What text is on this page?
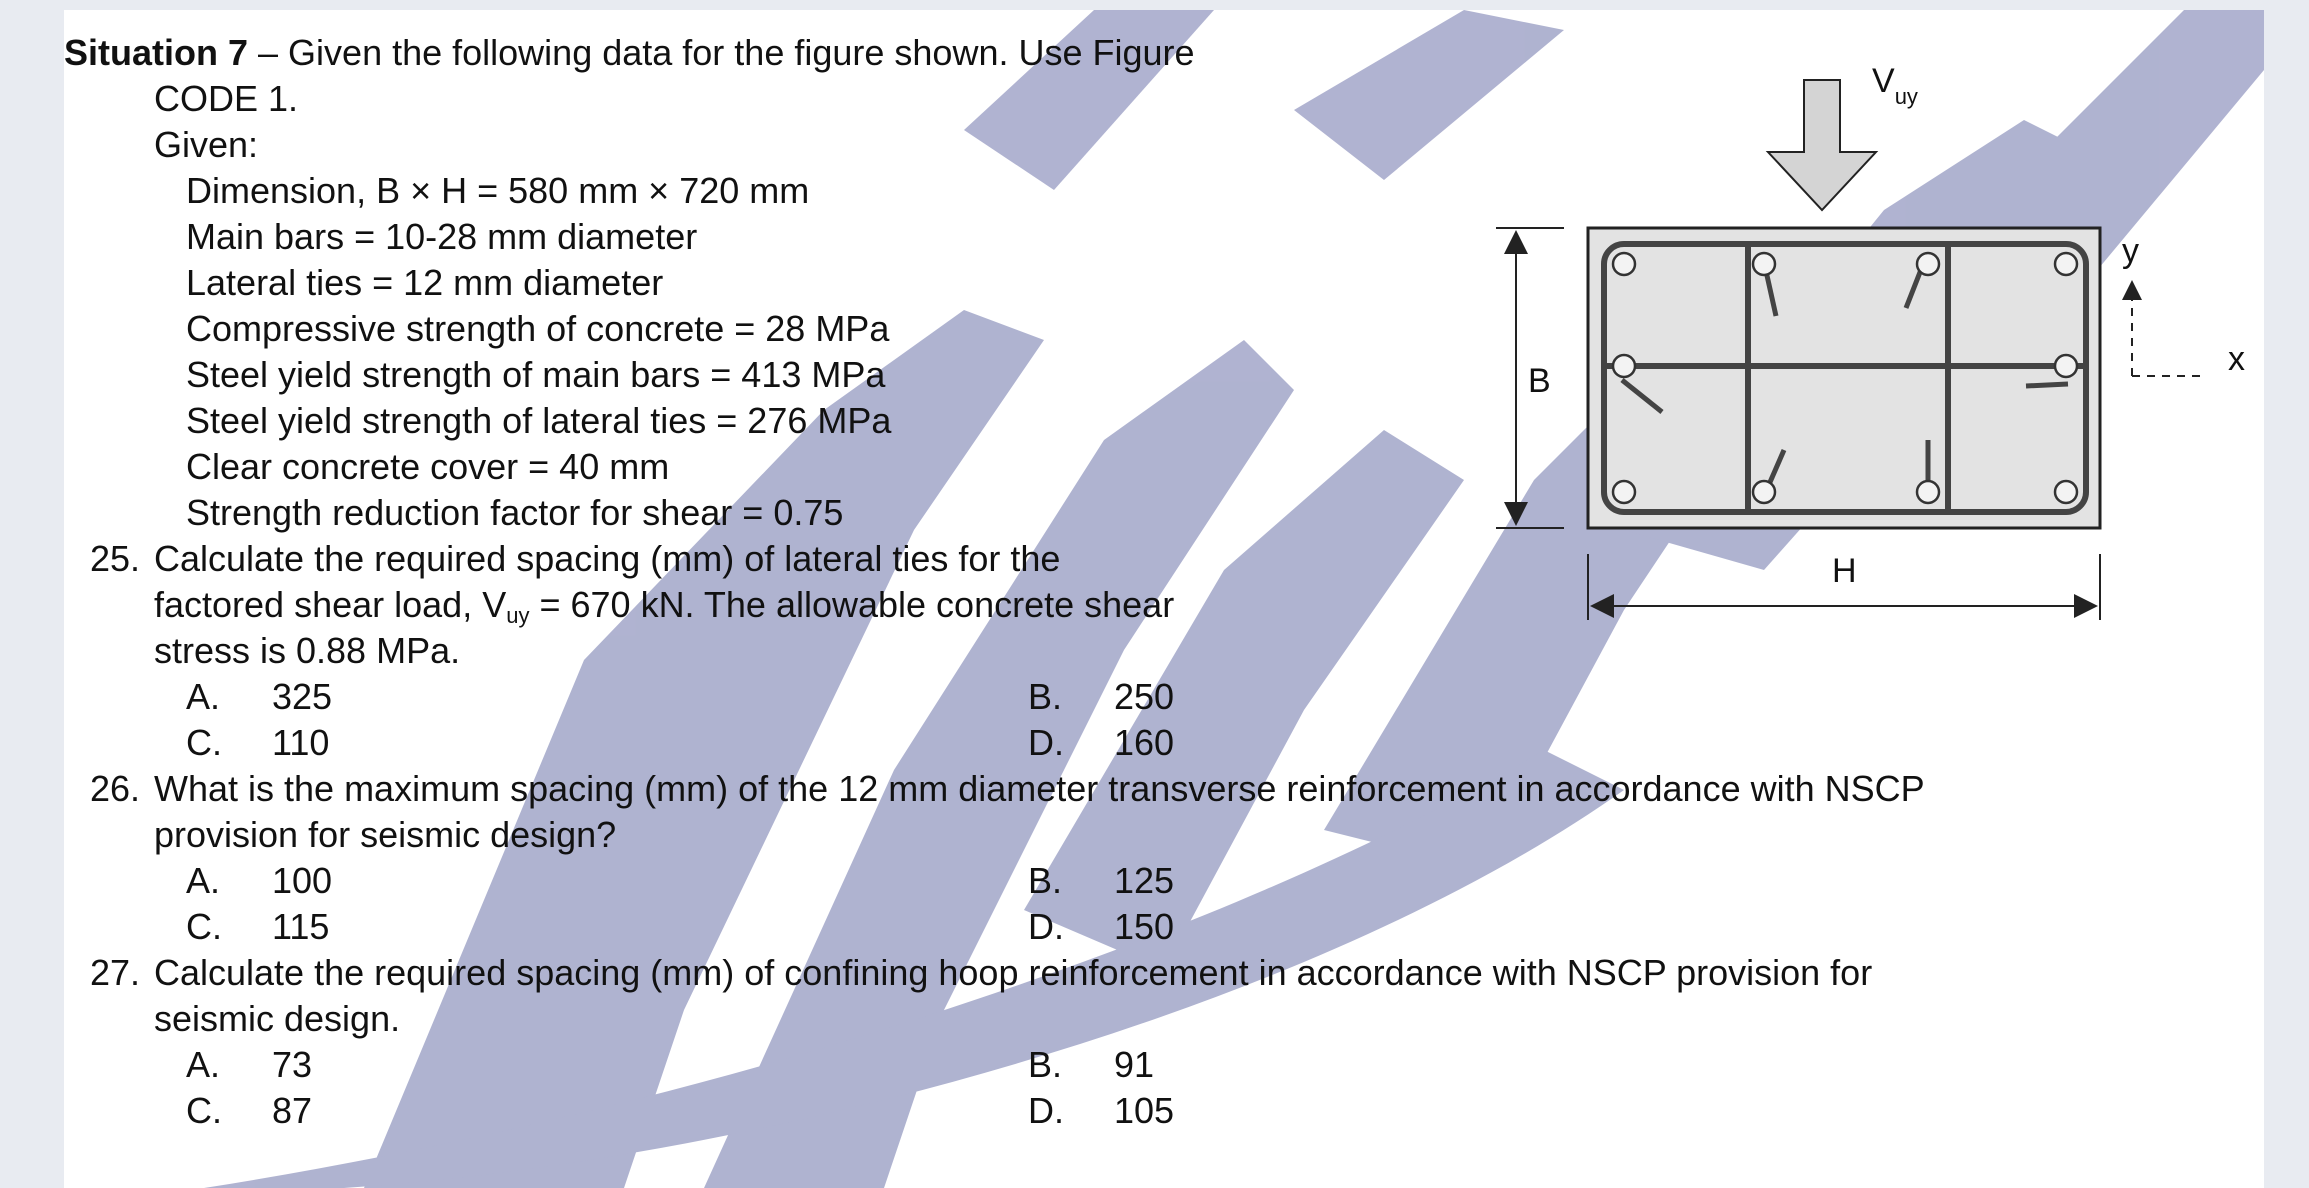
Situation 7 – Given the following data for the figure shown. Use Figure
CODE 1.
Given:
Dimension, B × H = 580 mm × 720 mm
Main bars = 10-28 mm diameter
Lateral ties = 12 mm diameter
Compressive strength of concrete = 28 MPa
Steel yield strength of main bars = 413 MPa
Steel yield strength of lateral ties = 276 MPa
Clear concrete cover = 40 mm
Strength reduction factor for shear = 0.75
25. Calculate the required spacing (mm) of lateral ties for the
factored shear load, $V_{uy} = 670$ kN. The allowable concrete shear
stress is 0.88 MPa.
A. 325	B. 250
C. 110	D. 160
26. What is the maximum spacing (mm) of the 12 mm diameter transverse reinforcement in accordance with NSCP
provision for seismic design?
A. 100	B. 125
C. 115	D. 150
27. Calculate the required spacing (mm) of confining hoop reinforcement in accordance with NSCP provision for
seismic design.
A. 73	B. 91
C. 87	D. 105
$V_{uy}$
B
H
y
x
